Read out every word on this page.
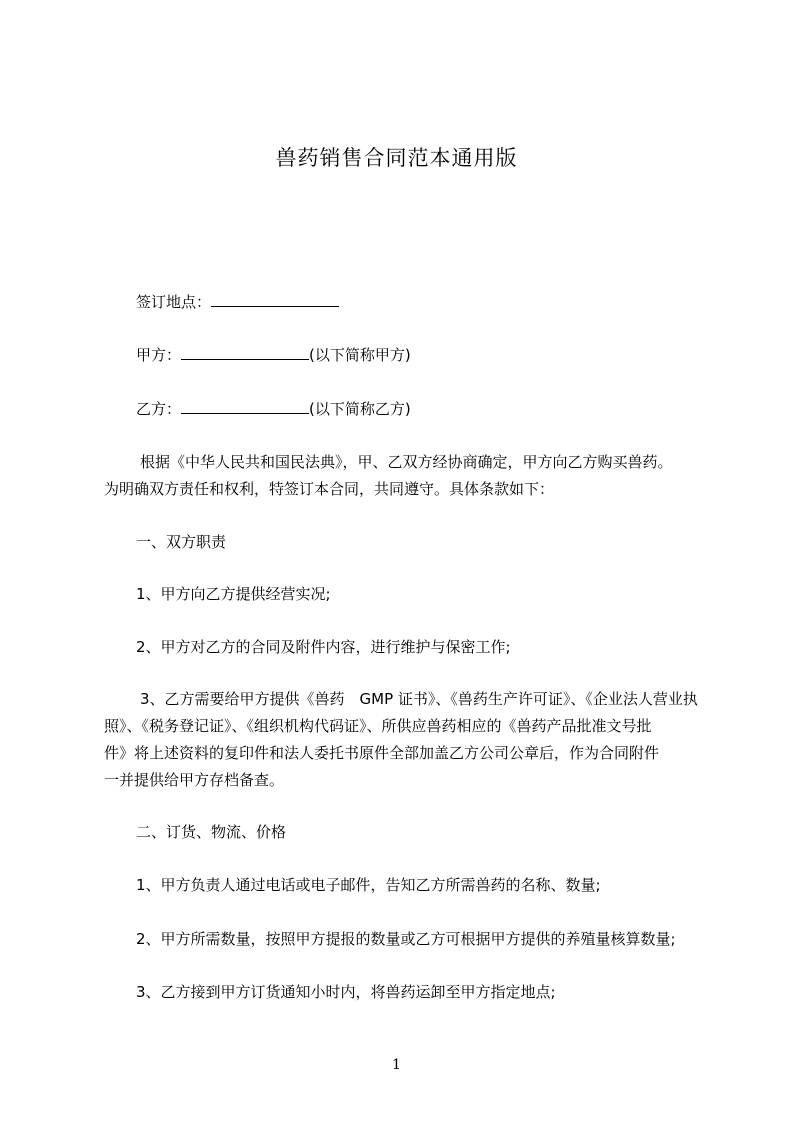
兽药销售合同范本通用版
签订地点：
甲方：	(以下简称甲方)
乙方：	(以下简称乙方)
根据《中华人民共和国民法典》，甲、乙双方经协商确定，甲方向乙方购买兽药。
为明确双方责任和权利，特签订本合同，共同遵守。具体条款如下：
一、双方职责
1、甲方向乙方提供经营实况;
2、甲方对乙方的合同及附件内容，进行维护与保密工作;
3、乙方需要给甲方提供《兽药　GMP 证书》、《兽药生产许可证》、《企业法人营业执
照》、《税务登记证》、《组织机构代码证》、所供应兽药相应的《兽药产品批准文号批
件》将上述资料的复印件和法人委托书原件全部加盖乙方公司公章后，作为合同附件
一并提供给甲方存档备查。
二、订货、物流、价格
1、甲方负责人通过电话或电子邮件，告知乙方所需兽药的名称、数量;
2、甲方所需数量，按照甲方提报的数量或乙方可根据甲方提供的养殖量核算数量;
3、乙方接到甲方订货通知小时内，将兽药运卸至甲方指定地点;
1
